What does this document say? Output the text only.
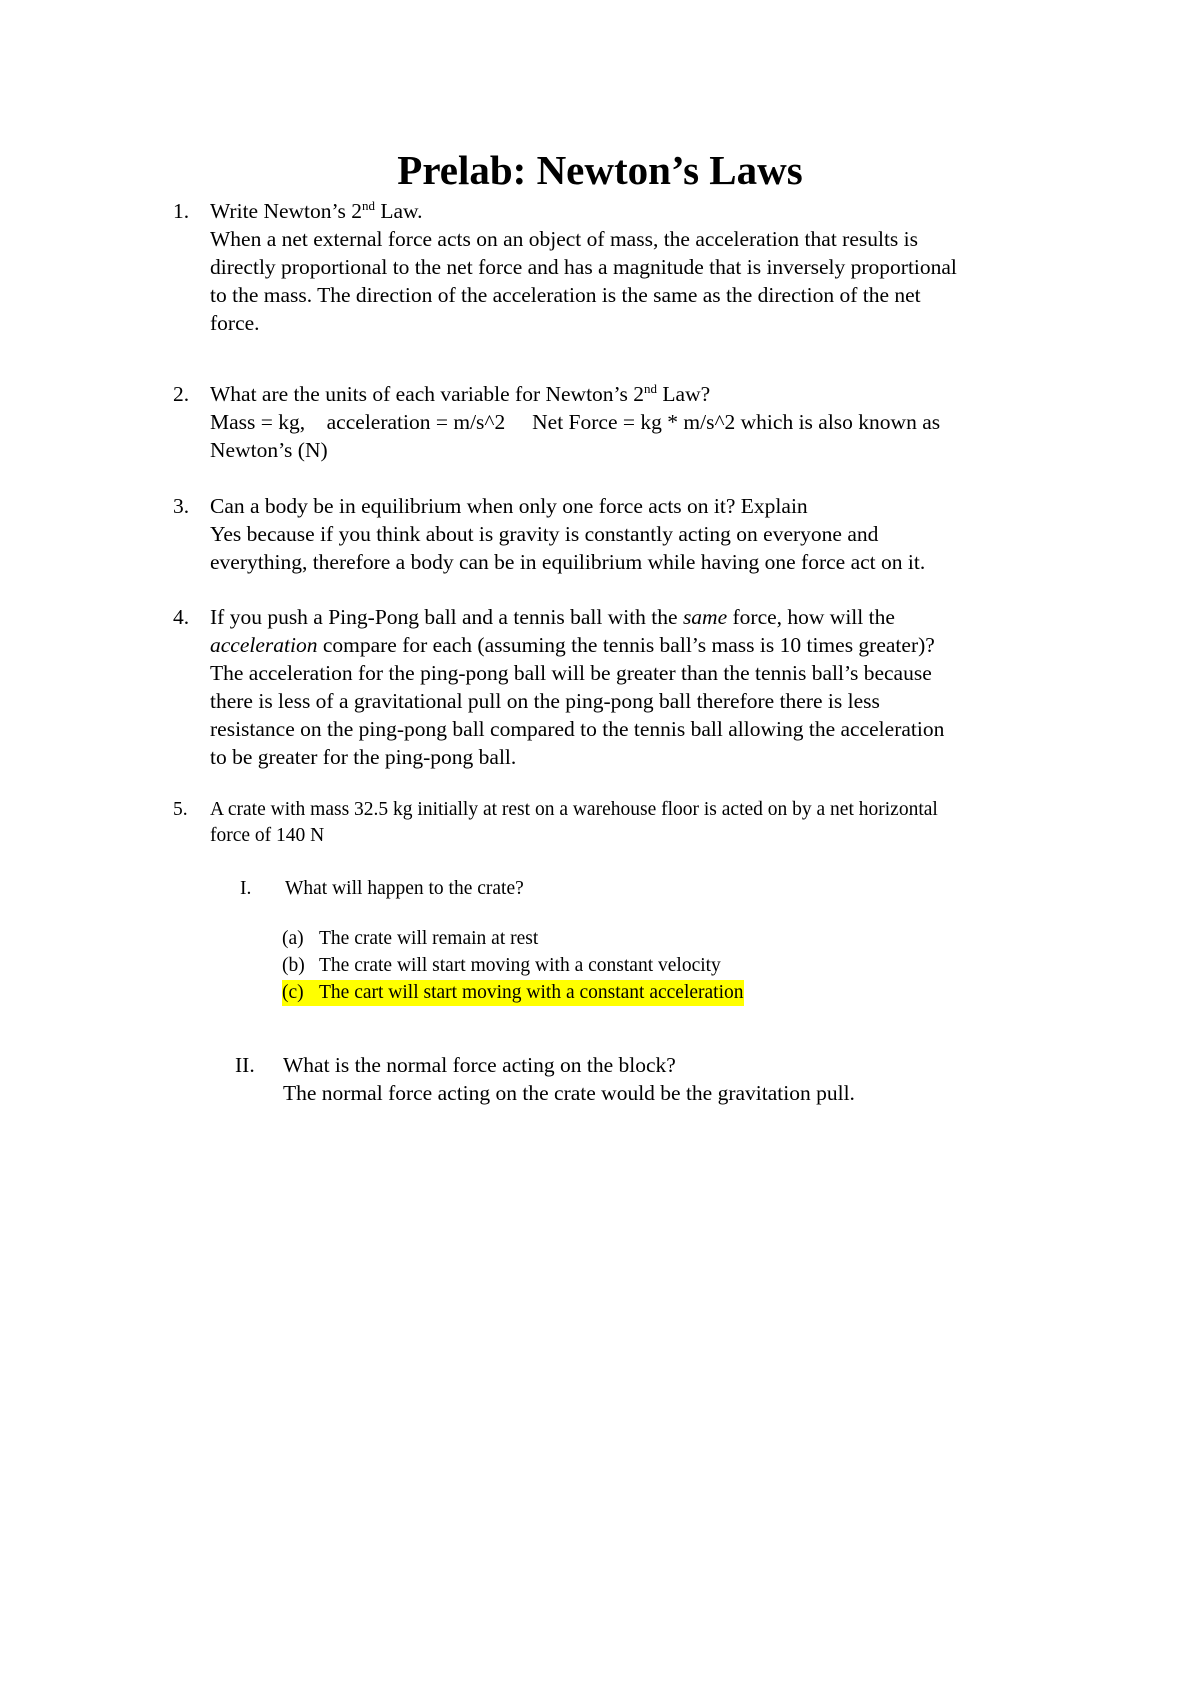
Prelab: Newton’s Laws
1. Write Newton’s 2nd Law.
When a net external force acts on an object of mass, the acceleration that results is
directly proportional to the net force and has a magnitude that is inversely proportional
to the mass. The direction of the acceleration is the same as the direction of the net
force.
2. What are the units of each variable for Newton’s 2nd Law?
Mass = kg,    acceleration = m/s^2     Net Force = kg * m/s^2 which is also known as
Newton’s (N)
3. Can a body be in equilibrium when only one force acts on it? Explain
Yes because if you think about is gravity is constantly acting on everyone and
everything, therefore a body can be in equilibrium while having one force act on it.
4. If you push a Ping-Pong ball and a tennis ball with the same force, how will the
acceleration compare for each (assuming the tennis ball’s mass is 10 times greater)?
The acceleration for the ping-pong ball will be greater than the tennis ball’s because
there is less of a gravitational pull on the ping-pong ball therefore there is less
resistance on the ping-pong ball compared to the tennis ball allowing the acceleration
to be greater for the ping-pong ball.
5. A crate with mass 32.5 kg initially at rest on a warehouse floor is acted on by a net horizontal
force of 140 N
I. What will happen to the crate?
(a) The crate will remain at rest
(b) The crate will start moving with a constant velocity
(c) The cart will start moving with a constant acceleration
II. What is the normal force acting on the block?
The normal force acting on the crate would be the gravitation pull.
